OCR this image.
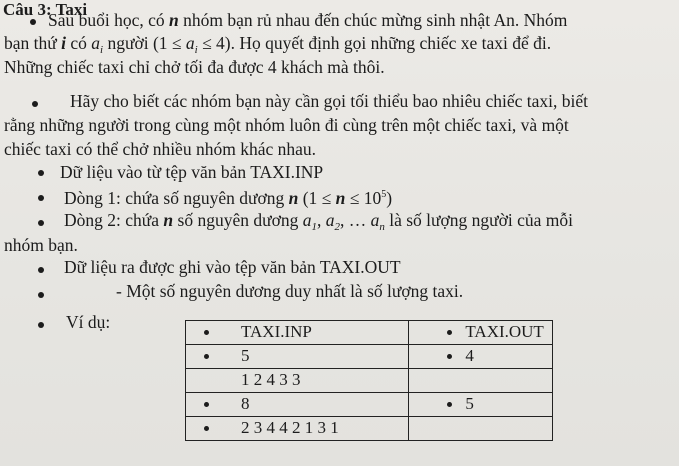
Câu 3: Taxi
Sau buổi học, có n nhóm bạn rủ nhau đến chúc mừng sinh nhật An. Nhóm
bạn thứ i có $a_i$ người $(1 \le a_i \le 4)$. Họ quyết định gọi những chiếc xe taxi để đi.
Những chiếc taxi chỉ chở tối đa được 4 khách mà thôi.
Hãy cho biết các nhóm bạn này cần gọi tối thiểu bao nhiêu chiếc taxi, biết
rằng những người trong cùng một nhóm luôn đi cùng trên một chiếc taxi, và một
chiếc taxi có thể chở nhiều nhóm khác nhau.
Dữ liệu vào từ tệp văn bản TAXI.INP
Dòng 1: chứa số nguyên dương n $(1 \le n \le 10^5)$
Dòng 2: chứa n số nguyên dương $a_1$, $a_2$, … $a_n$ là số lượng người của mỗi
nhóm bạn.
Dữ liệu ra được ghi vào tệp văn bản TAXI.OUT
- Một số nguyên dương duy nhất là số lượng taxi.
Ví dụ:	TAXI.INP	TAXI.OUT

5	4

1 2 4 3 3	

8	5

2 3 4 4 2 1 3 1	
